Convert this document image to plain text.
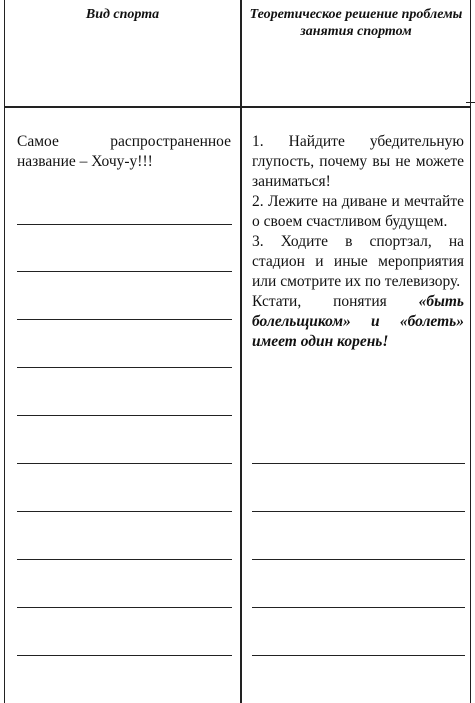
Вид спорта	Теоретическое решение проблемы занятия спортом
Самое распространенное название – Хочу-у!!!

1. Найдите убедительную глупость, почему вы не можете заниматься!

2. Лежите на диване и мечтайте о своем счастливом будущем.

3. Ходите в спортзал, на стадион и иные мероприятия или смотрите их по телевизору.

Кстати, понятия «быть болельщиком» и «болеть» имеет один корень!
